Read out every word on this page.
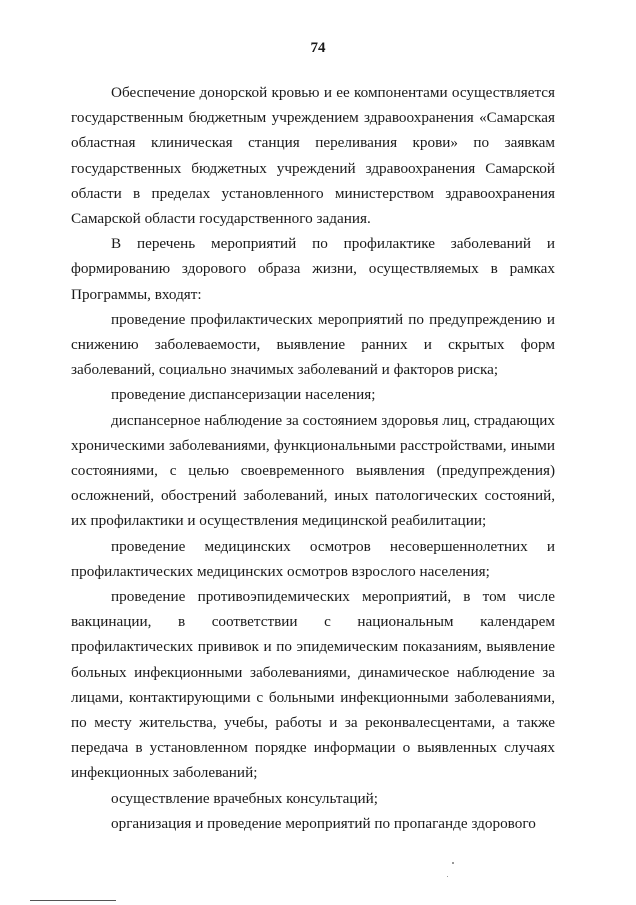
74

Обеспечение донорской кровью и ее компонентами осуществляется государственным бюджетным учреждением здравоохранения «Самарская областная клиническая станция переливания крови» по заявкам государственных бюджетных учреждений здравоохранения Самарской области в пределах установленного министерством здравоохранения Самарской области государственного задания.

В перечень мероприятий по профилактике заболеваний и формированию здорового образа жизни, осуществляемых в рамках Программы, входят:

проведение профилактических мероприятий по предупреждению и снижению заболеваемости, выявление ранних и скрытых форм заболеваний, социально значимых заболеваний и факторов риска;

проведение диспансеризации населения;

диспансерное наблюдение за состоянием здоровья лиц, страдающих хроническими заболеваниями, функциональными расстройствами, иными состояниями, с целью своевременного выявления (предупреждения) осложнений, обострений заболеваний, иных патологических состояний, их профилактики и осуществления медицинской реабилитации;

проведение медицинских осмотров несовершеннолетних и профилактических медицинских осмотров взрослого населения;

проведение противоэпидемических мероприятий, в том числе вакцинации, в соответствии с национальным календарем профилактических прививок и по эпидемическим показаниям, выявление больных инфекционными заболеваниями, динамическое наблюдение за лицами, контактирующими с больными инфекционными заболеваниями, по месту жительства, учебы, работы и за реконвалесцентами, а также передача в установленном порядке информации о выявленных случаях инфекционных заболеваний;

осуществление врачебных консультаций;

организация и проведение мероприятий по пропаганде здорового
